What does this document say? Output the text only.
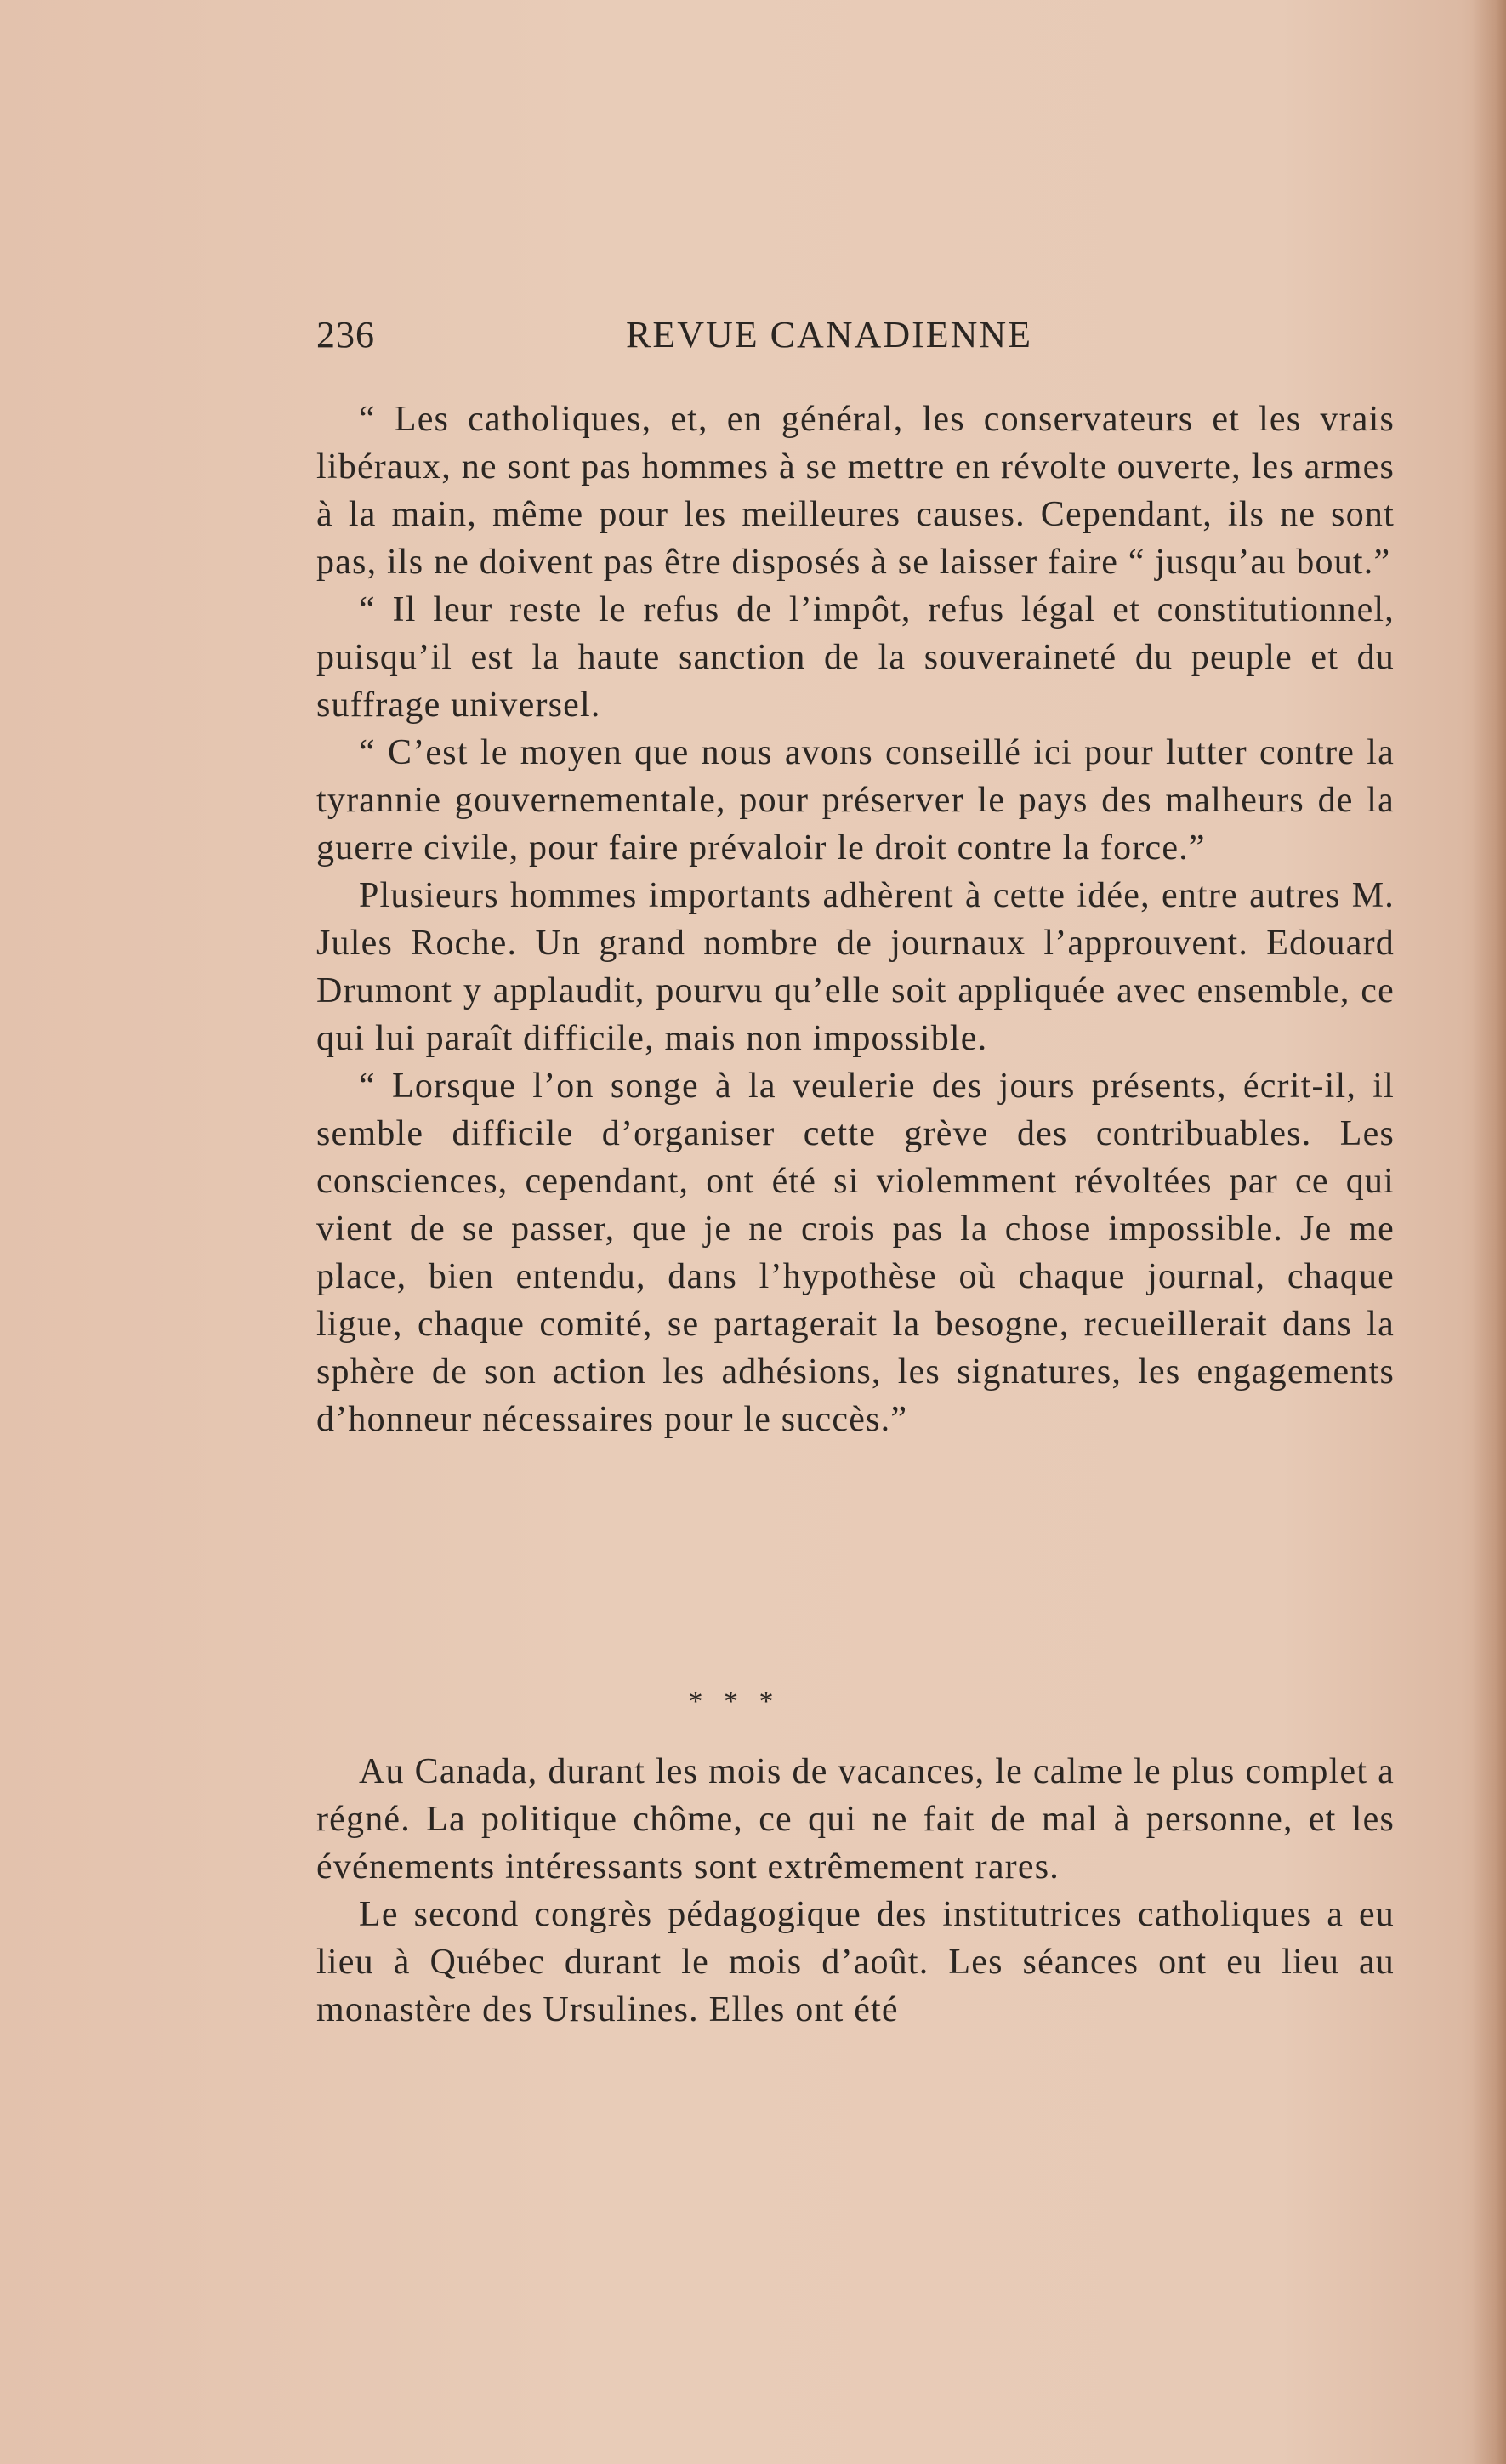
236	REVUE CANADIENNE

“ Les catholiques, et, en général, les conservateurs et les vrais libéraux, ne sont pas hommes à se mettre en révolte ouverte, les armes à la main, même pour les meilleures causes. Cependant, ils ne sont pas, ils ne doivent pas être disposés à se laisser faire “ jusqu’au bout.”

“ Il leur reste le refus de l’impôt, refus légal et constitutionnel, puisqu’il est la haute sanction de la souveraineté du peuple et du suffrage universel.

“ C’est le moyen que nous avons conseillé ici pour lutter contre la tyrannie gouvernementale, pour préserver le pays des malheurs de la guerre civile, pour faire prévaloir le droit contre la force.”

Plusieurs hommes importants adhèrent à cette idée, entre autres M. Jules Roche. Un grand nombre de journaux l’approuvent. Edouard Drumont y applaudit, pourvu qu’elle soit appliquée avec ensemble, ce qui lui paraît difficile, mais non impossible.

“ Lorsque l’on songe à la veulerie des jours présents, écrit-il, il semble difficile d’organiser cette grève des contribuables. Les consciences, cependant, ont été si violemment révoltées par ce qui vient de se passer, que je ne crois pas la chose impossible. Je me place, bien entendu, dans l’hypothèse où chaque journal, chaque ligue, chaque comité, se partagerait la besogne, recueillerait dans la sphère de son action les adhésions, les signatures, les engagements d’honneur nécessaires pour le succès.”

* * *

Au Canada, durant les mois de vacances, le calme le plus complet a régné. La politique chôme, ce qui ne fait de mal à personne, et les événements intéressants sont extrêmement rares.

Le second congrès pédagogique des institutrices catholiques a eu lieu à Québec durant le mois d’août. Les séances ont eu lieu au monastère des Ursulines. Elles ont été
